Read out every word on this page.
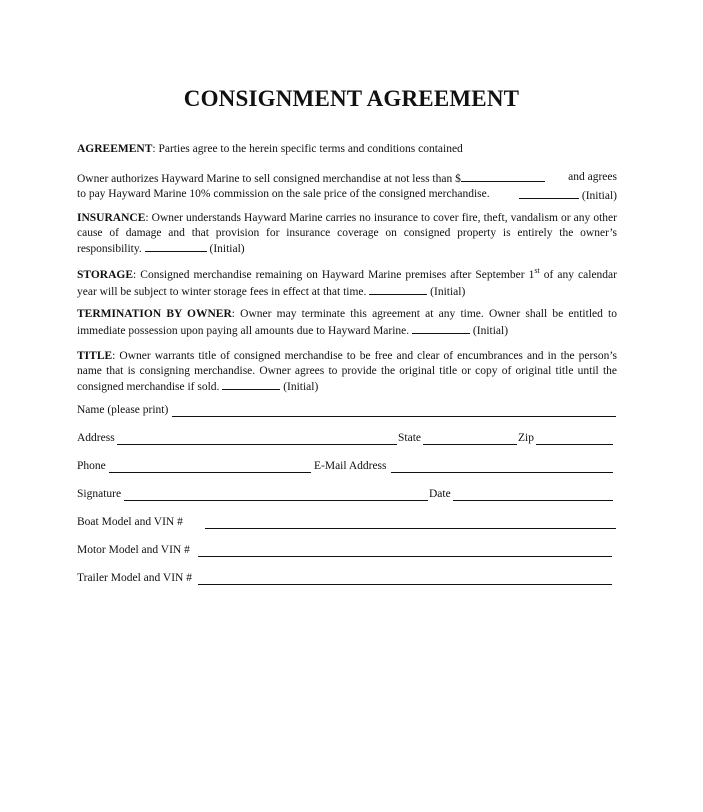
CONSIGNMENT AGREEMENT
AGREEMENT: Parties agree to the herein specific terms and conditions contained
Owner authorizes Hayward Marine to sell consigned merchandise at not less than $	and agrees
to pay Hayward Marine 10% commission on the sale price of the consigned merchandise.	(Initial)
INSURANCE: Owner understands Hayward Marine carries no insurance to cover fire, theft, vandalism or any other cause of damage and that provision for insurance coverage on consigned property is entirely the owner’s responsibility.	(Initial)
STORAGE: Consigned merchandise remaining on Hayward Marine premises after September 1st of any calendar year will be subject to winter storage fees in effect at that time.	(Initial)
TERMINATION BY OWNER: Owner may terminate this agreement at any time. Owner shall be entitled to immediate possession upon paying all amounts due to Hayward Marine.	(Initial)
TITLE: Owner warrants title of consigned merchandise to be free and clear of encumbrances and in the person’s name that is consigning merchandise. Owner agrees to provide the original title or copy of original title until the consigned merchandise if sold.	(Initial)
Name (please print)
Address	State	Zip
Phone	E-Mail Address
Signature	Date
Boat Model and VIN #
Motor Model and VIN #
Trailer Model and VIN #
